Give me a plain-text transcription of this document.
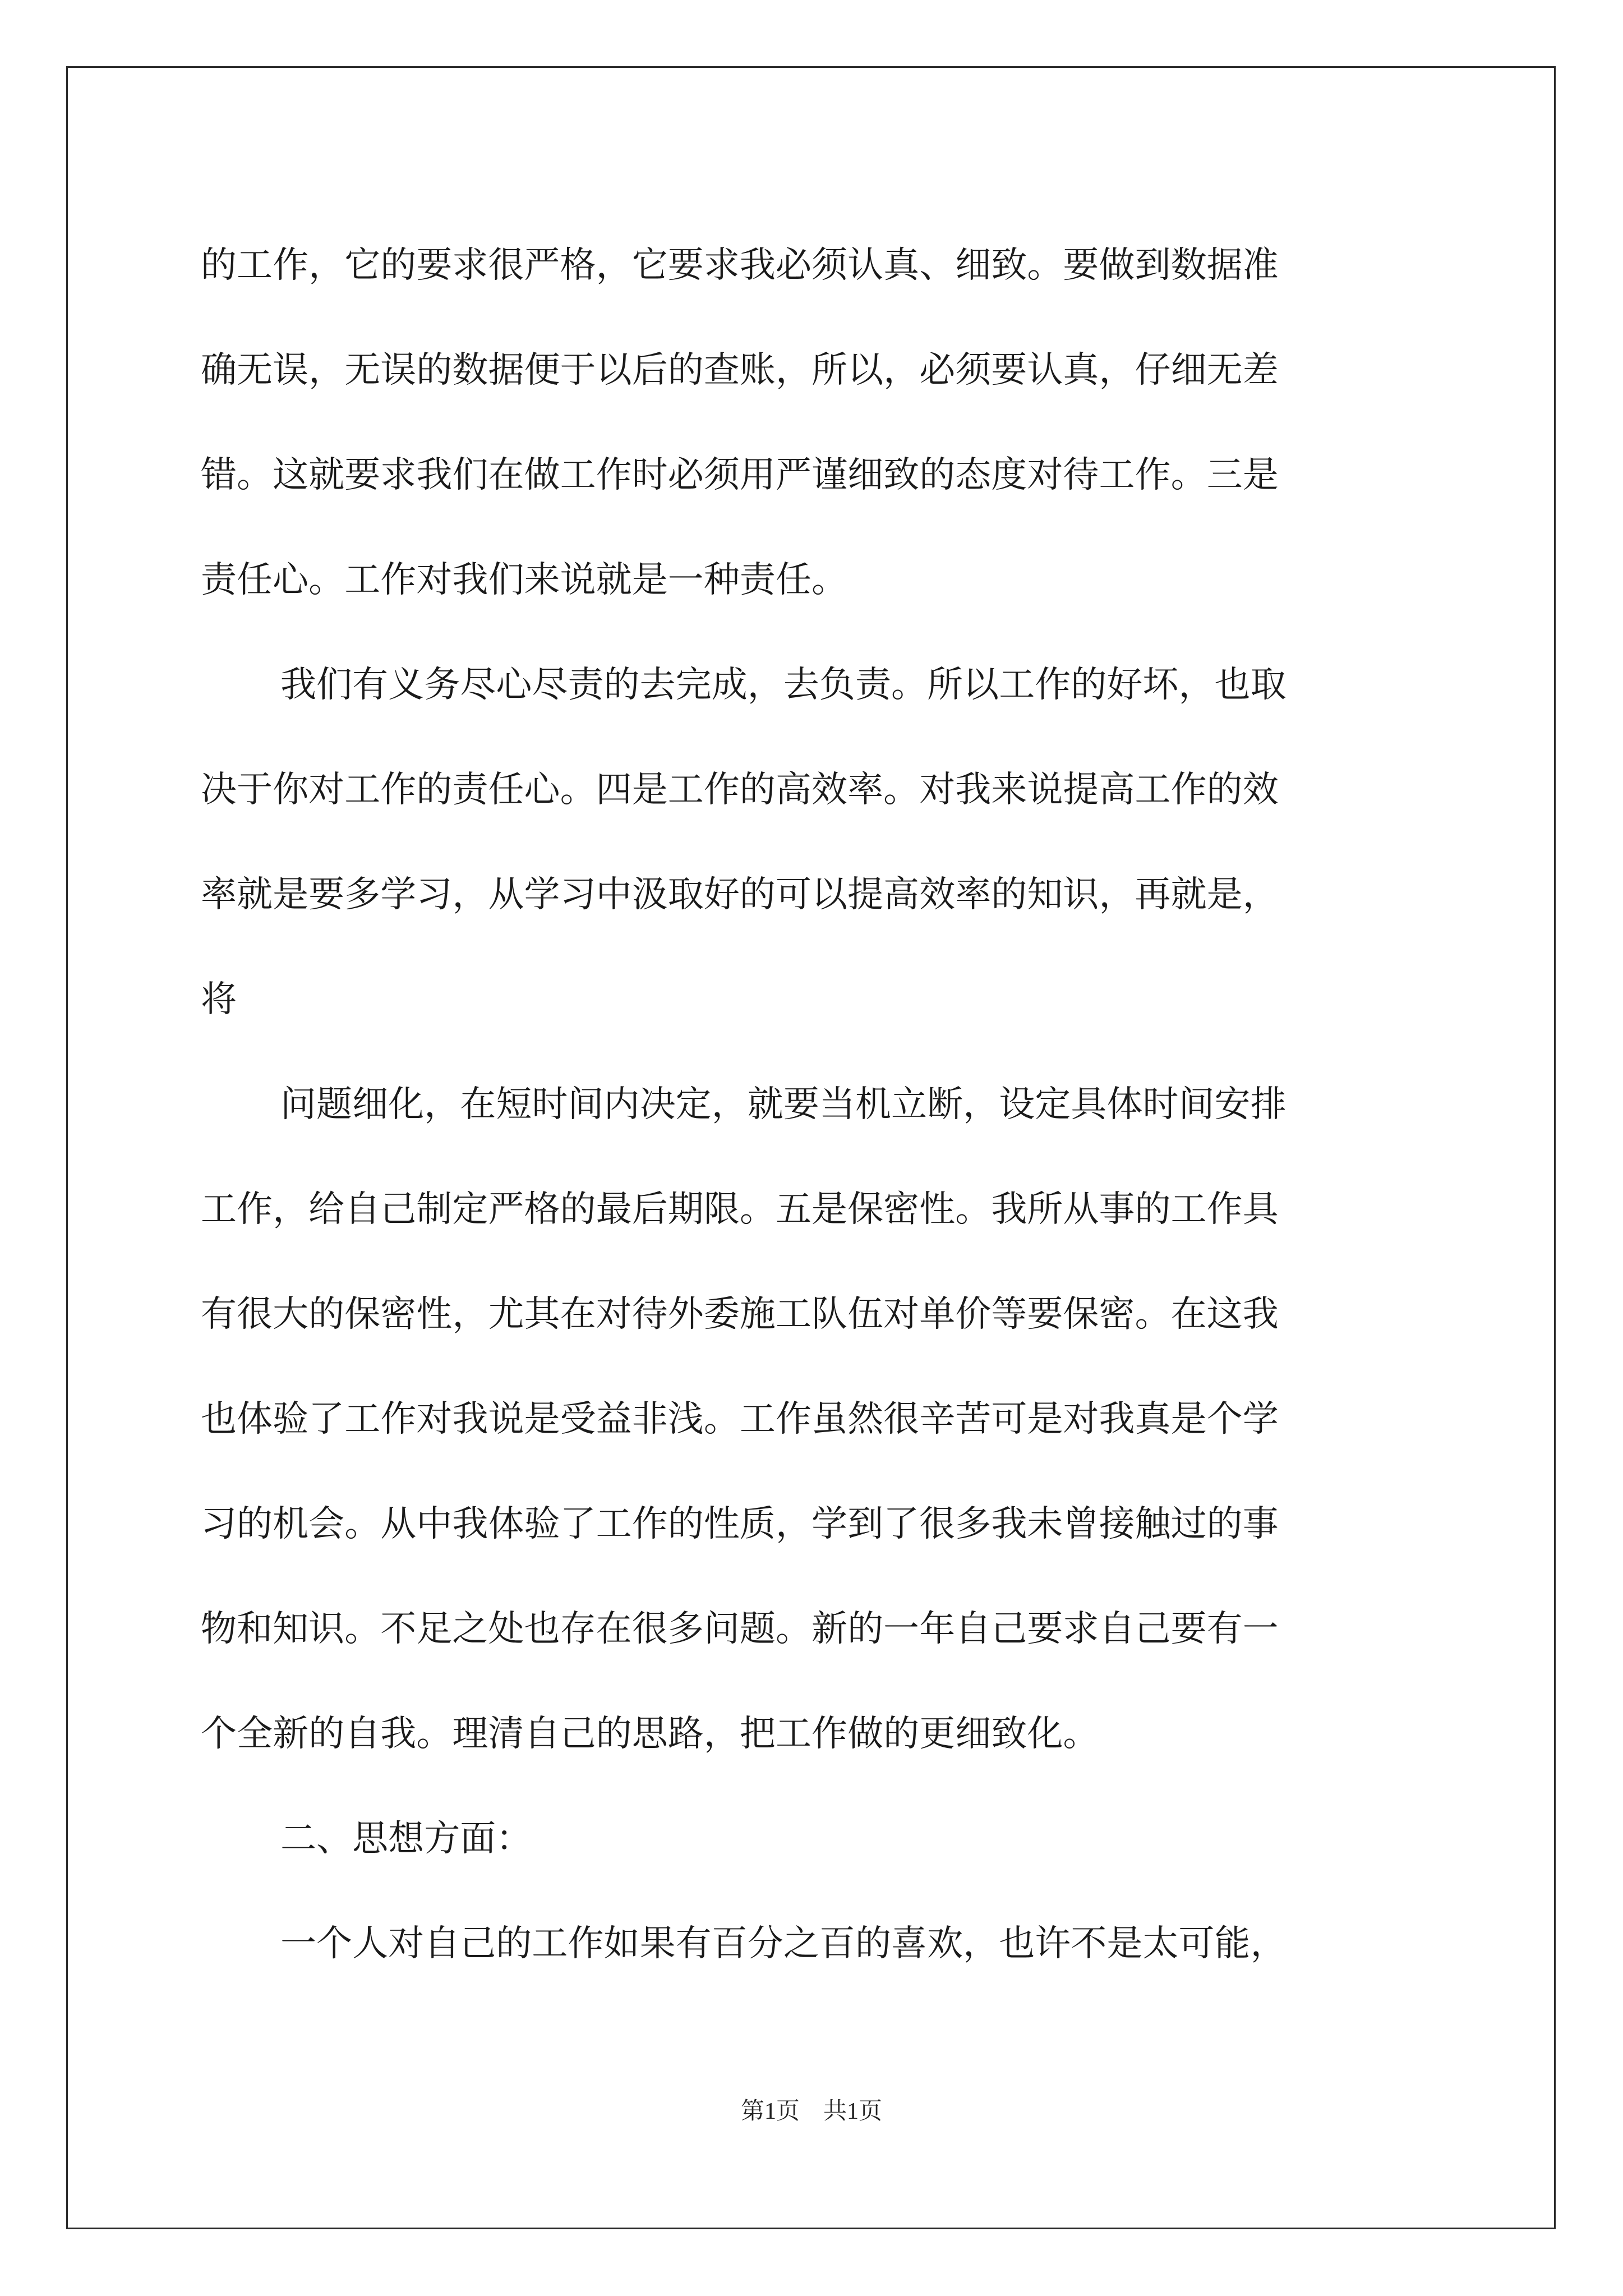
的工作，它的要求很严格，它要求我必须认真、细致。要做到数据准
确无误，无误的数据便于以后的查账，所以，必须要认真，仔细无差
错。这就要求我们在做工作时必须用严谨细致的态度对待工作。三是
责任心。工作对我们来说就是一种责任。
我们有义务尽心尽责的去完成，去负责。所以工作的好坏，也取
决于你对工作的责任心。四是工作的高效率。对我来说提高工作的效
率就是要多学习，从学习中汲取好的可以提高效率的知识，再就是，
将
问题细化，在短时间内决定，就要当机立断，设定具体时间安排
工作，给自己制定严格的最后期限。五是保密性。我所从事的工作具
有很大的保密性，尤其在对待外委施工队伍对单价等要保密。在这我
也体验了工作对我说是受益非浅。工作虽然很辛苦可是对我真是个学
习的机会。从中我体验了工作的性质，学到了很多我未曾接触过的事
物和知识。不足之处也存在很多问题。新的一年自己要求自己要有一
个全新的自我。理清自己的思路，把工作做的更细致化。
二、思想方面：
一个人对自己的工作如果有百分之百的喜欢，也许不是太可能，
第1页　共1页
